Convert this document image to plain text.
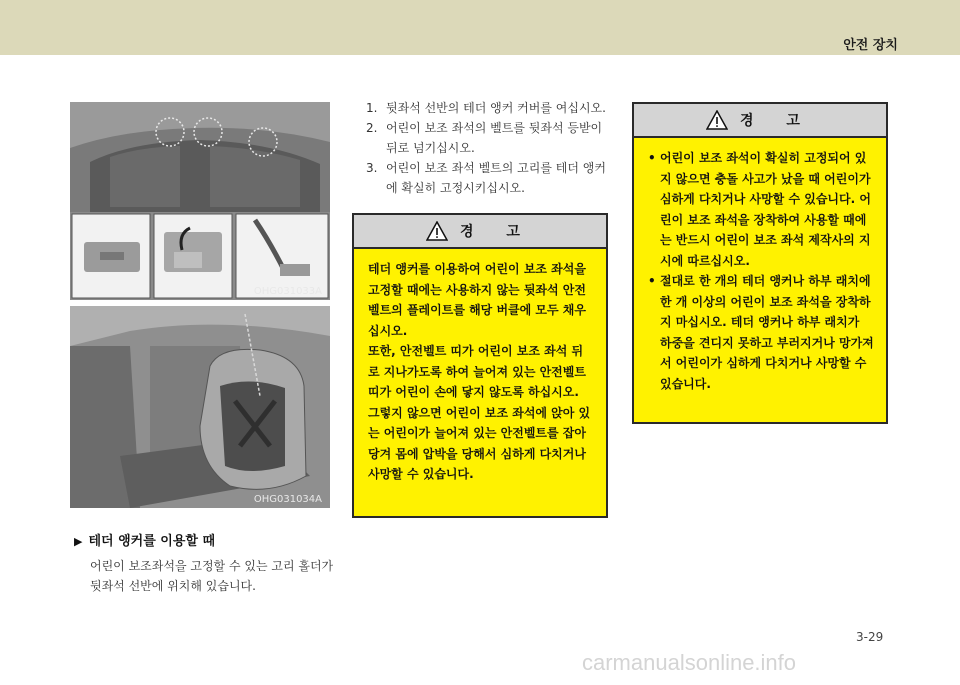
안전 장치
OHG031033A
OHG031034A
▶ 테더 앵커를 이용할 때

어린이 보조좌석을 고정할 수 있는 고리 홀더가 뒷좌석 선반에 위치해 있습니다.

1. 뒷좌석 선반의 테더 앵커 커버를 여십시오.
2. 어린이 보조 좌석의 벨트를 뒷좌석 등받이 뒤로 넘기십시오.
3. 어린이 보조 좌석 벨트의 고리를 테더 앵커에 확실히 고정시키십시오.
경 고

테더 앵커를 이용하여 어린이 보조 좌석을 고정할 때에는 사용하지 않는 뒷좌석 안전벨트의 플레이트를 해당 버클에 모두 채우십시오.

또한, 안전벨트 띠가 어린이 보조 좌석 뒤로 지나가도록 하여 늘어져 있는 안전벨트 띠가 어린이 손에 닿지 않도록 하십시오. 그렇지 않으면 어린이 보조 좌석에 앉아 있는 어린이가 늘어져 있는 안전벨트를 잡아 당겨 몸에 압박을 당해서 심하게 다치거나 사망할 수 있습니다.

경 고
• 어린이 보조 좌석이 확실히 고정되어 있지 않으면 충돌 사고가 났을 때 어린이가 심하게 다치거나 사망할 수 있습니다. 어린이 보조 좌석을 장착하여 사용할 때에는 반드시 어린이 보조 좌석 제작사의 지시에 따르십시오.
• 절대로 한 개의 테더 앵커나 하부 래치에 한 개 이상의 어린이 보조 좌석을 장착하지 마십시오. 테더 앵커나 하부 래치가 하중을 견디지 못하고 부러지거나 망가져서 어린이가 심하게 다치거나 사망할 수 있습니다.
3-29
carmanualsonline.info
